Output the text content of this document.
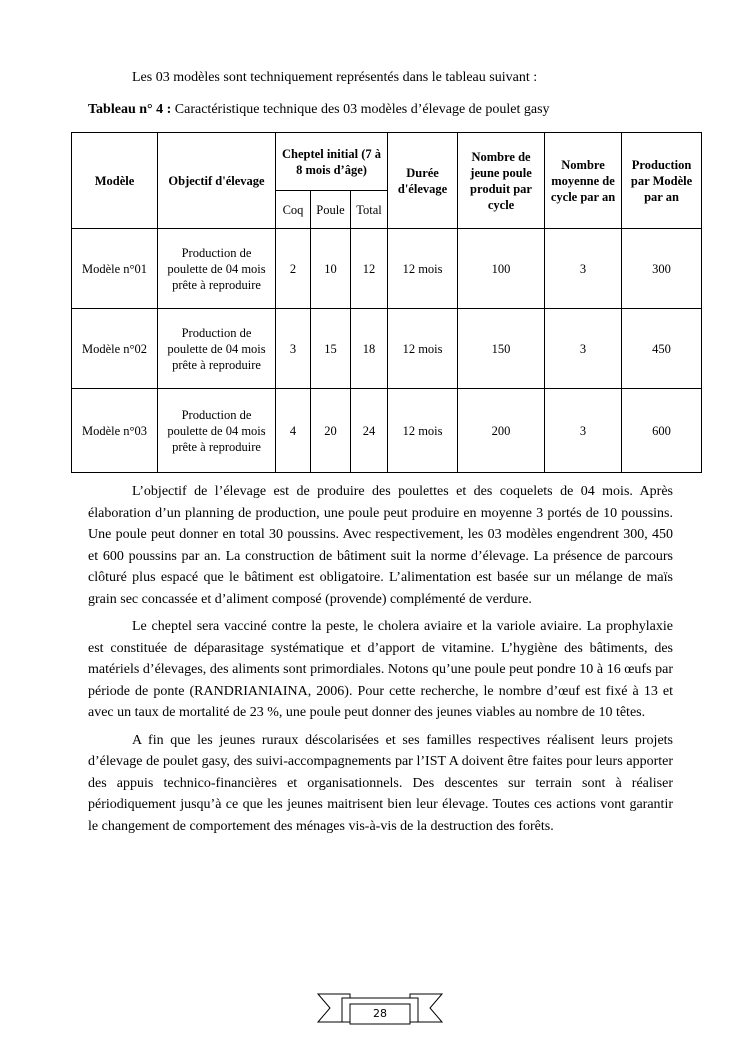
Les 03 modèles sont techniquement représentés dans le tableau suivant :

Tableau n° 4 : Caractéristique technique des 03 modèles d’élevage de poulet gasy

Modèle	Objectif d'élevage	Cheptel initial (7 à 8 mois d’âge)			Durée d'élevage	Nombre de jeune poule produit par cycle	Nombre moyenne de cycle par an	Production par Modèle par an
		Coq	Poule	Total				
Modèle n°01	Production de poulette de 04 mois prête à reproduire	2	10	12	12 mois	100	3	300
Modèle n°02	Production de poulette de 04 mois prête à reproduire	3	15	18	12 mois	150	3	450
Modèle n°03	Production de poulette de 04 mois prête à reproduire	4	20	24	12 mois	200	3	600

L’objectif de l’élevage est de produire des poulettes et des coquelets de 04 mois. Après élaboration d’un planning de production, une poule peut produire en moyenne 3 portés de 10 poussins. Une poule peut donner en total 30 poussins. Avec respectivement, les 03 modèles engendrent 300, 450 et 600 poussins par an. La construction de bâtiment suit la norme d’élevage. La présence de parcours clôturé plus espacé que le bâtiment est obligatoire. L’alimentation est basée sur un mélange de maïs grain sec concassée et d’aliment composé (provende) complémenté de verdure.

Le cheptel sera vacciné contre la peste, le cholera aviaire et la variole aviaire. La prophylaxie est constituée de déparasitage systématique et d’apport de vitamine. L’hygiène des bâtiments, des matériels d’élevages, des aliments sont primordiales. Notons qu’une poule peut pondre 10 à 16 œufs par période de ponte (RANDRIANIAINA, 2006). Pour cette recherche, le nombre d’œuf est fixé à 13 et avec un taux de mortalité de 23 %, une poule peut donner des jeunes viables au nombre de 10 têtes.

A fin que les jeunes ruraux déscolarisées et ses familles respectives réalisent leurs projets d’élevage de poulet gasy, des suivi-accompagnements par l’IST A doivent être faites pour leurs apporter des appuis technico-financières et organisationnels. Des descentes sur terrain sont à réaliser périodiquement jusqu’à ce que les jeunes maitrisent bien leur élevage. Toutes ces actions vont garantir le changement de comportement des ménages vis-à-vis de la destruction des forêts.

28
